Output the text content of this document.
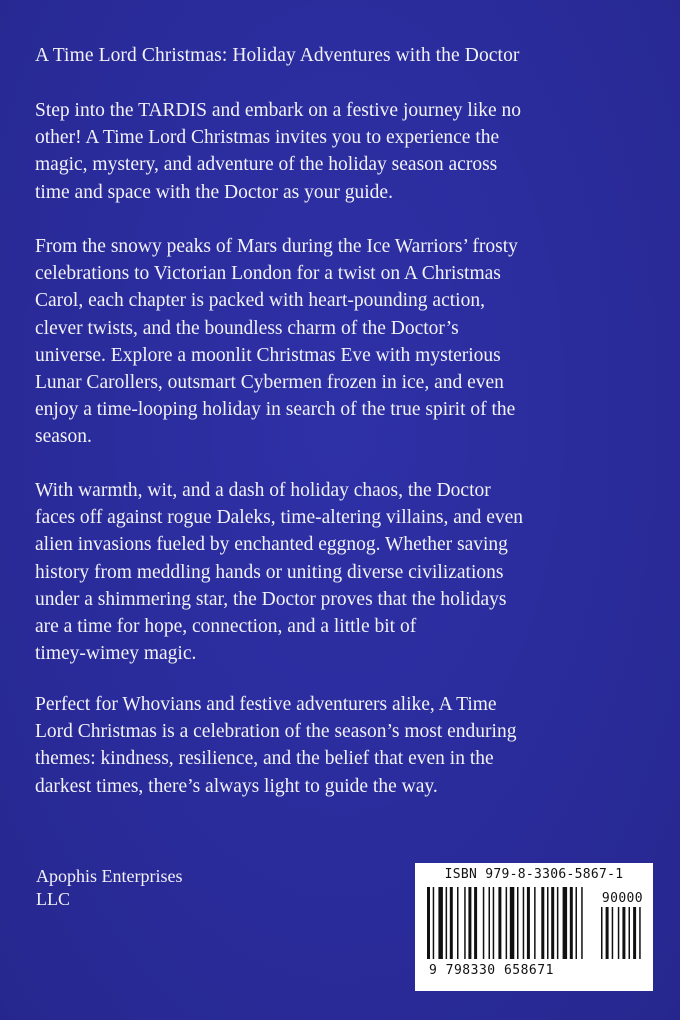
A Time Lord Christmas: Holiday Adventures with the Doctor

Step into the TARDIS and embark on a festive journey like no
other! A Time Lord Christmas invites you to experience the
magic, mystery, and adventure of the holiday season across
time and space with the Doctor as your guide.

From the snowy peaks of Mars during the Ice Warriors’ frosty
celebrations to Victorian London for a twist on A Christmas
Carol, each chapter is packed with heart-pounding action,
clever twists, and the boundless charm of the Doctor’s
universe. Explore a moonlit Christmas Eve with mysterious
Lunar Carollers, outsmart Cybermen frozen in ice, and even
enjoy a time-looping holiday in search of the true spirit of the
season.

With warmth, wit, and a dash of holiday chaos, the Doctor
faces off against rogue Daleks, time-altering villains, and even
alien invasions fueled by enchanted eggnog. Whether saving
history from meddling hands or uniting diverse civilizations
under a shimmering star, the Doctor proves that the holidays
are a time for hope, connection, and a little bit of
timey-wimey magic.

Perfect for Whovians and festive adventurers alike, A Time
Lord Christmas is a celebration of the season’s most enduring
themes: kindness, resilience, and the belief that even in the
darkest times, there’s always light to guide the way.

Apophis Enterprises
LLC
ISBN 979-8-3306-5867-1
90000
9 798330 658671
